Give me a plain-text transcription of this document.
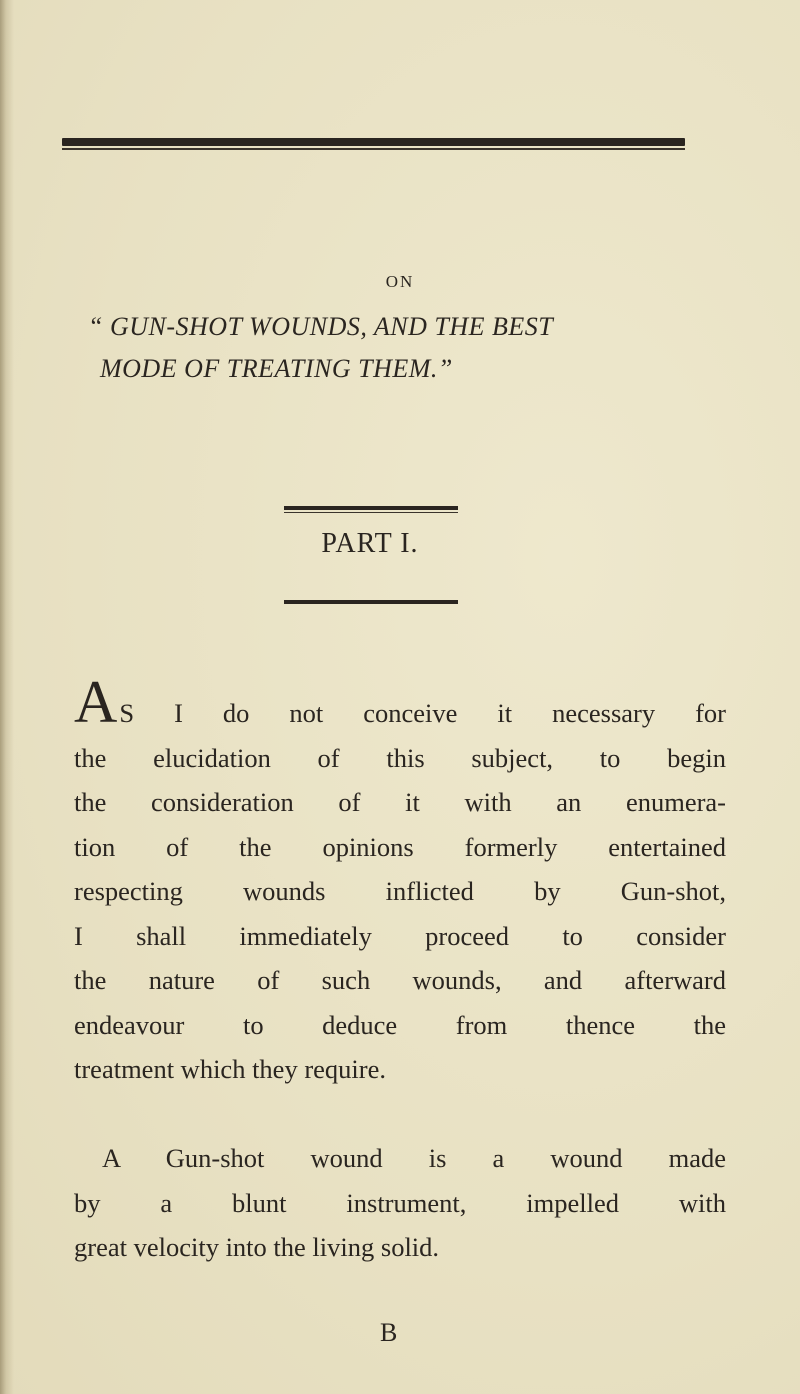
ON
“ GUN-SHOT WOUNDS, AND THE BEST
MODE OF TREATING THEM.”
PART I.
AS I do not conceive it necessary for
the elucidation of this subject, to begin
the consideration of it with an enumera-
tion of the opinions formerly entertained
respecting wounds inflicted by Gun-shot,
I shall immediately proceed to consider
the nature of such wounds, and afterward
endeavour to deduce from thence the
treatment which they require.
A Gun-shot wound is a wound made
by a blunt instrument, impelled with
great velocity into the living solid.
B
